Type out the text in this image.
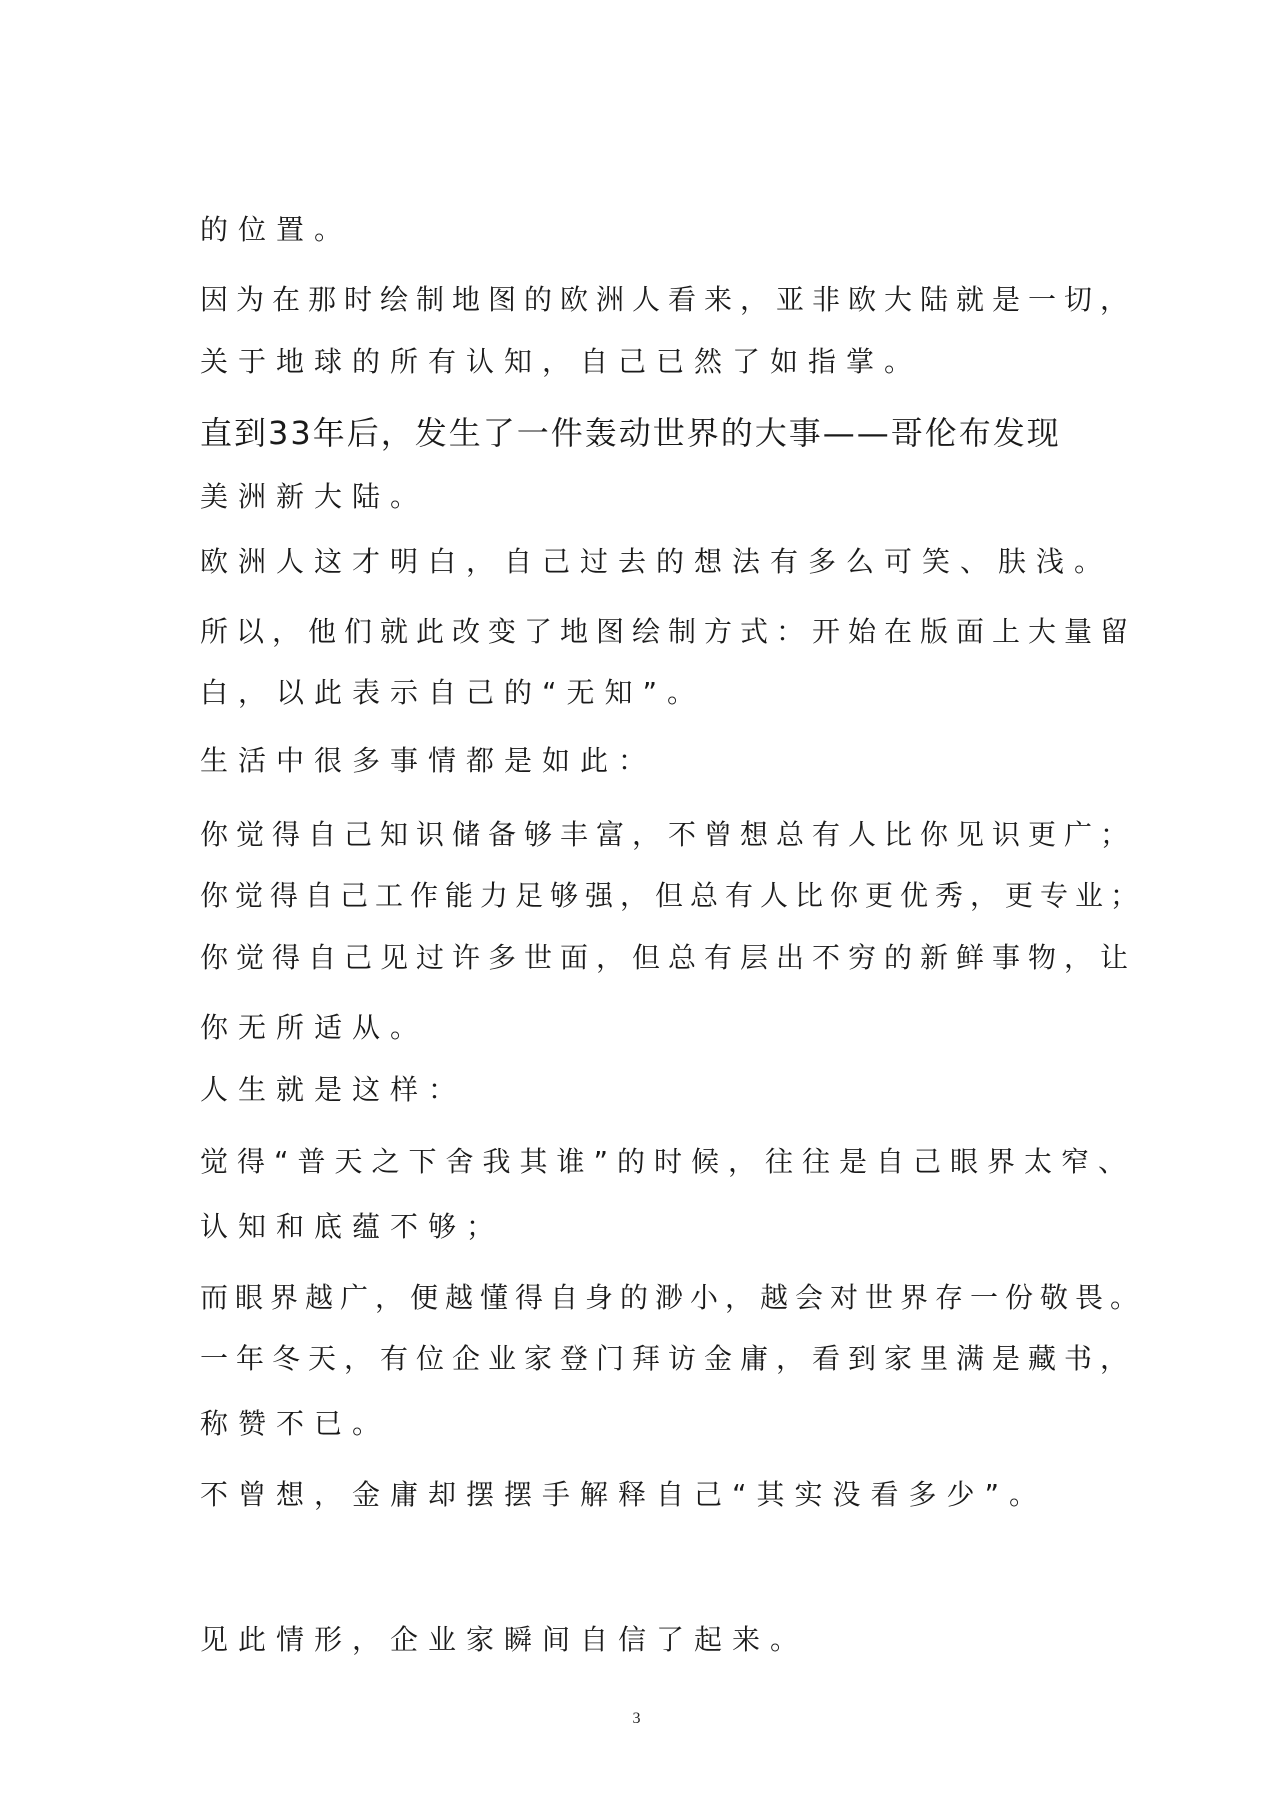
的位置。

因为在那时绘制地图的欧洲人看来，亚非欧大陆就是一切，

关于地球的所有认知，自己已然了如指掌。

直到33年后，发生了一件轰动世界的大事——哥伦布发现

美洲新大陆。

欧洲人这才明白，自己过去的想法有多么可笑、肤浅。

所以，他们就此改变了地图绘制方式：开始在版面上大量留

白，以此表示自己的“无知”。

生活中很多事情都是如此：

你觉得自己知识储备够丰富，不曾想总有人比你见识更广；

你觉得自己工作能力足够强，但总有人比你更优秀，更专业；

你觉得自己见过许多世面，但总有层出不穷的新鲜事物，让

你无所适从。

人生就是这样：

觉得“普天之下舍我其谁”的时候，往往是自己眼界太窄、

认知和底蕴不够；

而眼界越广，便越懂得自身的渺小，越会对世界存一份敬畏。

一年冬天，有位企业家登门拜访金庸，看到家里满是藏书，

称赞不已。

不曾想，金庸却摆摆手解释自己“其实没看多少”。

见此情形，企业家瞬间自信了起来。

3
